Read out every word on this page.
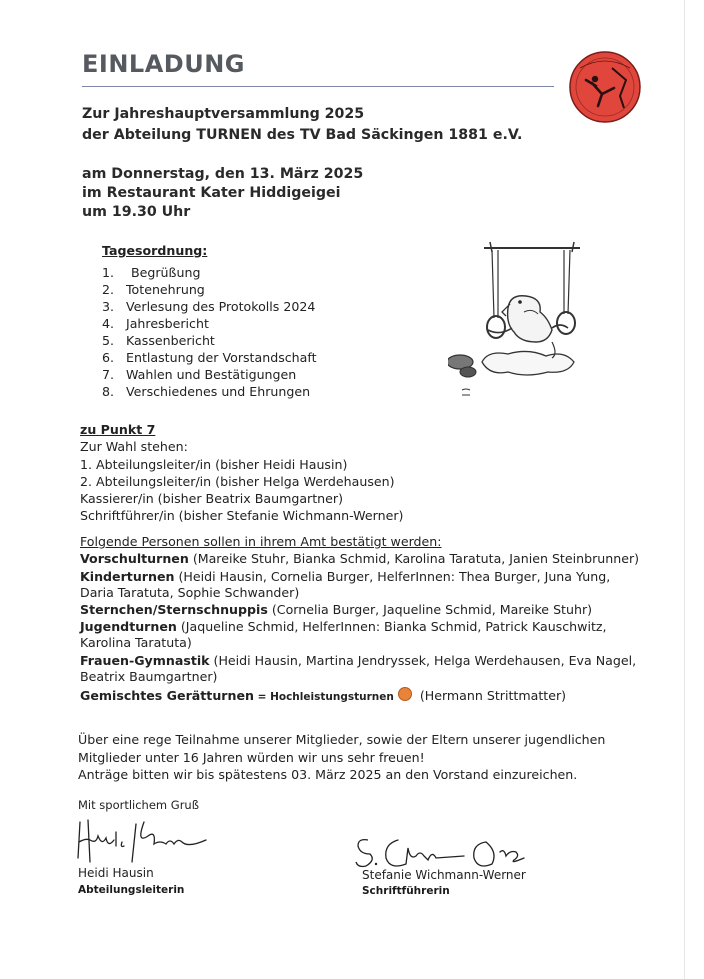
EINLADUNG
Zur Jahreshauptversammlung 2025
der Abteilung TURNEN des TV Bad Säckingen 1881 e.V.
am Donnerstag, den 13. März 2025
im Restaurant Kater Hiddigeigei
um 19.30 Uhr
Tagesordnung:
1. Begrüßung
2. Totenehrung
3. Verlesung des Protokolls 2024
4. Jahresbericht
5. Kassenbericht
6. Entlastung der Vorstandschaft
7. Wahlen und Bestätigungen
8. Verschiedenes und Ehrungen
zu Punkt 7
Zur Wahl stehen:
1. Abteilungsleiter/in (bisher Heidi Hausin)
2. Abteilungsleiter/in (bisher Helga Werdehausen)
Kassierer/in (bisher Beatrix Baumgartner)
Schriftführer/in (bisher Stefanie Wichmann-Werner)
Folgende Personen sollen in ihrem Amt bestätigt werden:
Vorschulturnen (Mareike Stuhr, Bianka Schmid, Karolina Taratuta, Janien Steinbrunner)
Kinderturnen (Heidi Hausin, Cornelia Burger, HelferInnen: Thea Burger, Juna Yung,
Daria Taratuta, Sophie Schwander)
Sternchen/Sternschnuppis (Cornelia Burger, Jaqueline Schmid, Mareike Stuhr)
Jugendturnen (Jaqueline Schmid, HelferInnen: Bianka Schmid, Patrick Kauschwitz,
Karolina Taratuta)
Frauen-Gymnastik (Heidi Hausin, Martina Jendryssek, Helga Werdehausen, Eva Nagel,
Beatrix Baumgartner)
Gemischtes Gerätturnen = Hochleistungsturnen (Hermann Strittmatter)
Über eine rege Teilnahme unserer Mitglieder, sowie der Eltern unserer jugendlichen
Mitglieder unter 16 Jahren würden wir uns sehr freuen!
Anträge bitten wir bis spätestens 03. März 2025 an den Vorstand einzureichen.
Mit sportlichem Gruß
Heidi Hausin
Abteilungsleiterin
Stefanie Wichmann-Werner
Schriftführerin
